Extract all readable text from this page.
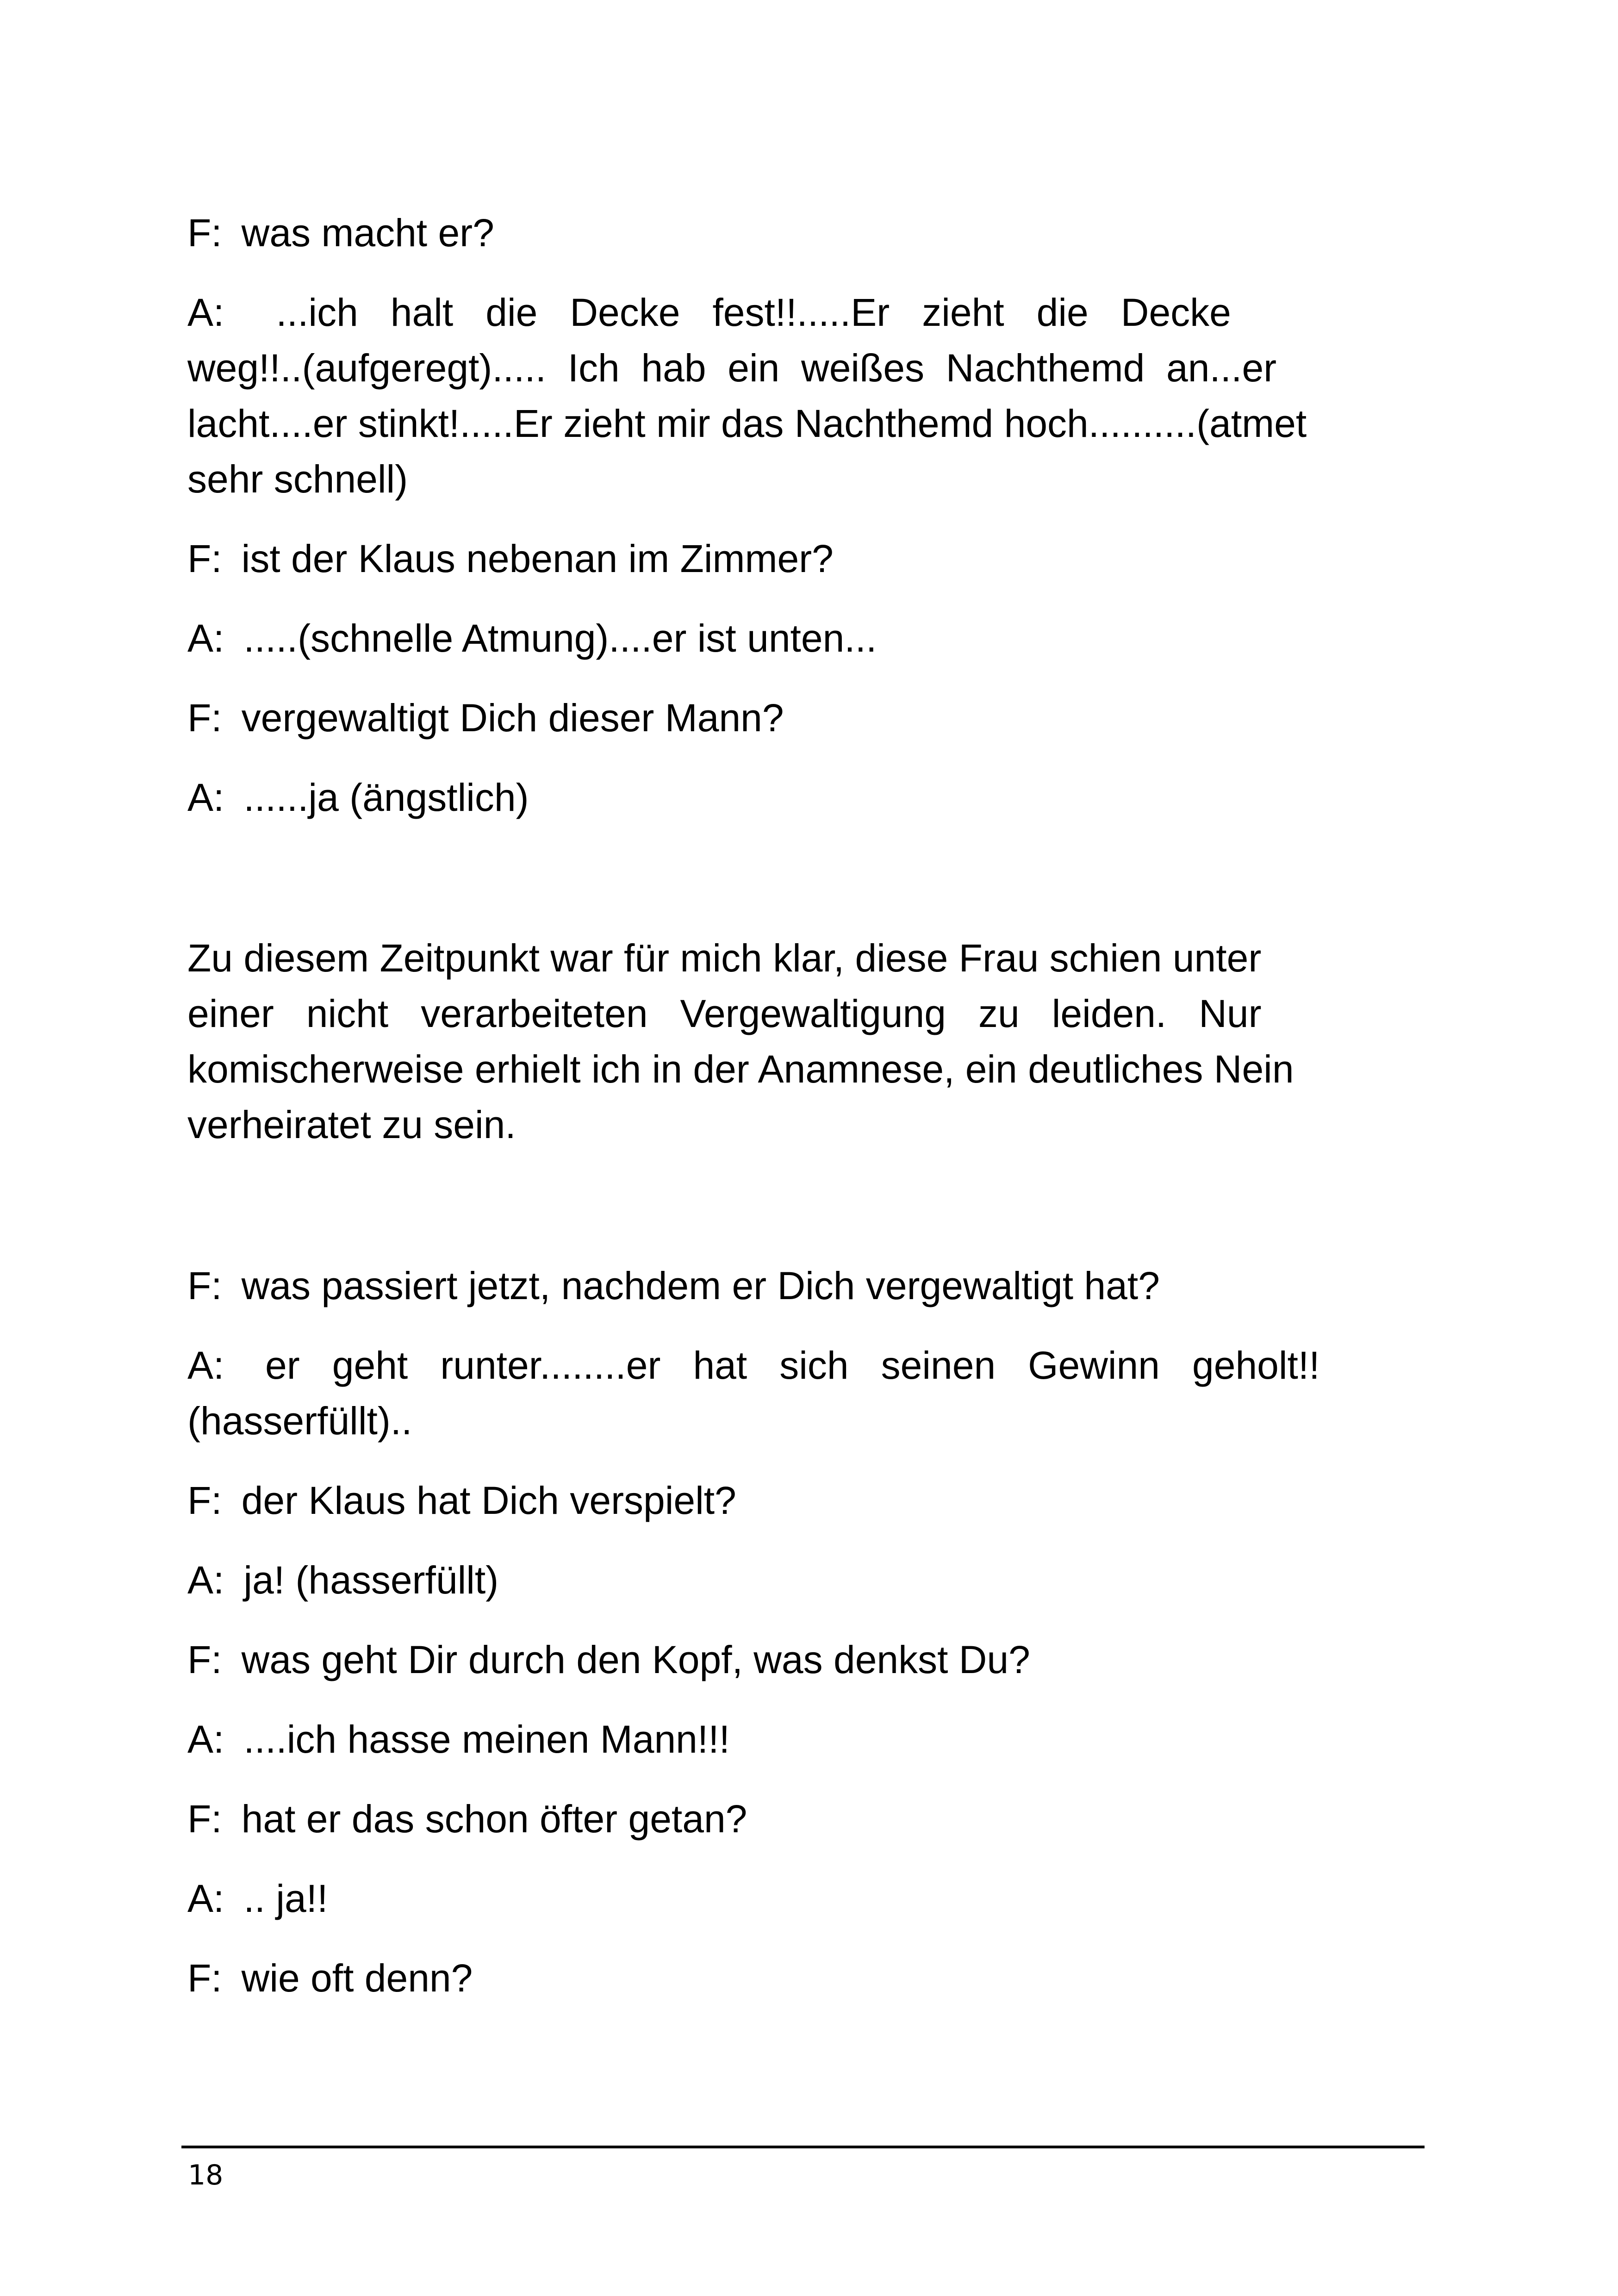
F: was macht er?
A:   ...ich   halt   die   Decke   fest!!.....Er   zieht   die   Decke
weg!!..(aufgeregt).....  Ich  hab  ein  weißes  Nachthemd  an...er
lacht....er stinkt!.....Er zieht mir das Nachthemd hoch..........(atmet
sehr schnell)
F: ist der Klaus nebenan im Zimmer?
A: .....(schnelle Atmung)....er ist unten...
F: vergewaltigt Dich dieser Mann?
A: ......ja (ängstlich)
Zu diesem Zeitpunkt war für mich klar, diese Frau schien unter
einer   nicht   verarbeiteten   Vergewaltigung   zu   leiden.   Nur
komischerweise erhielt ich in der Anamnese, ein deutliches Nein
verheiratet zu sein.
F: was passiert jetzt, nachdem er Dich vergewaltigt hat?
A:  er   geht   runter........er   hat   sich   seinen   Gewinn   geholt!!
(hasserfüllt)..
F: der Klaus hat Dich verspielt?
A: ja! (hasserfüllt)
F: was geht Dir durch den Kopf, was denkst Du?
A: ....ich hasse meinen Mann!!!
F: hat er das schon öfter getan?
A: .. ja!!
F: wie oft denn?
18
